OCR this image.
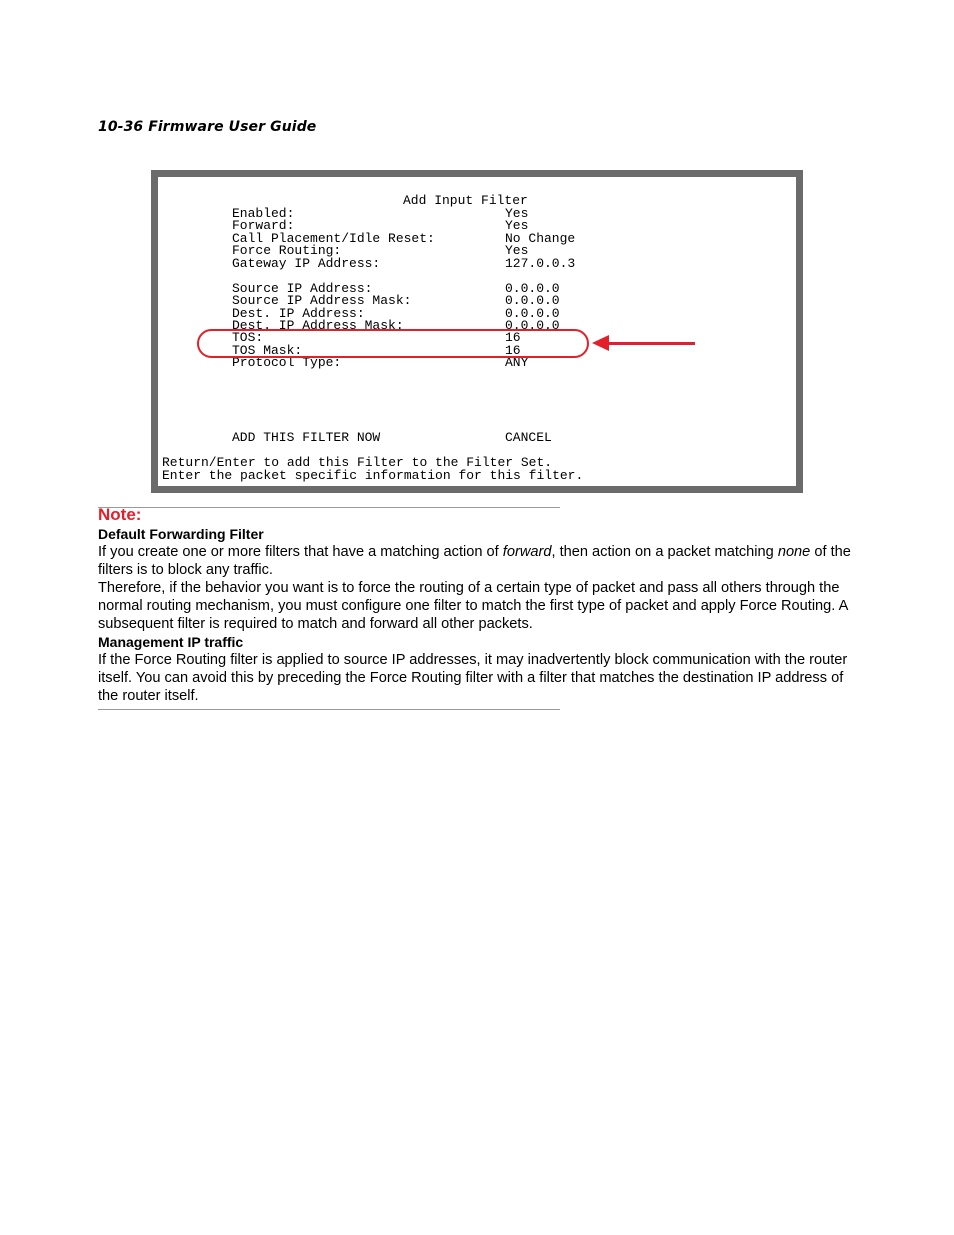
10-36 Firmware User Guide
Add Input Filter
Enabled:	Yes
Forward:	Yes
Call Placement/Idle Reset:	No Change
Force Routing:	Yes
Gateway IP Address:	127.0.0.3
Source IP Address:	0.0.0.0
Source IP Address Mask:	0.0.0.0
Dest. IP Address:	0.0.0.0
Dest. IP Address Mask:	0.0.0.0
TOS:	16
TOS Mask:	16
Protocol Type:	ANY
ADD THIS FILTER NOW	CANCEL
Return/Enter to add this Filter to the Filter Set.
Enter the packet specific information for this filter.
Note:
Default Forwarding Filter
If you create one or more filters that have a matching action of forward, then action on a packet matching none of the filters is to block any traffic.
Therefore, if the behavior you want is to force the routing of a certain type of packet and pass all others through the normal routing mechanism, you must configure one filter to match the first type of packet and apply Force Routing. A subsequent filter is required to match and forward all other packets.
Management IP traffic
If the Force Routing filter is applied to source IP addresses, it may inadvertently block communication with the router itself. You can avoid this by preceding the Force Routing filter with a filter that matches the destination IP address of the router itself.
